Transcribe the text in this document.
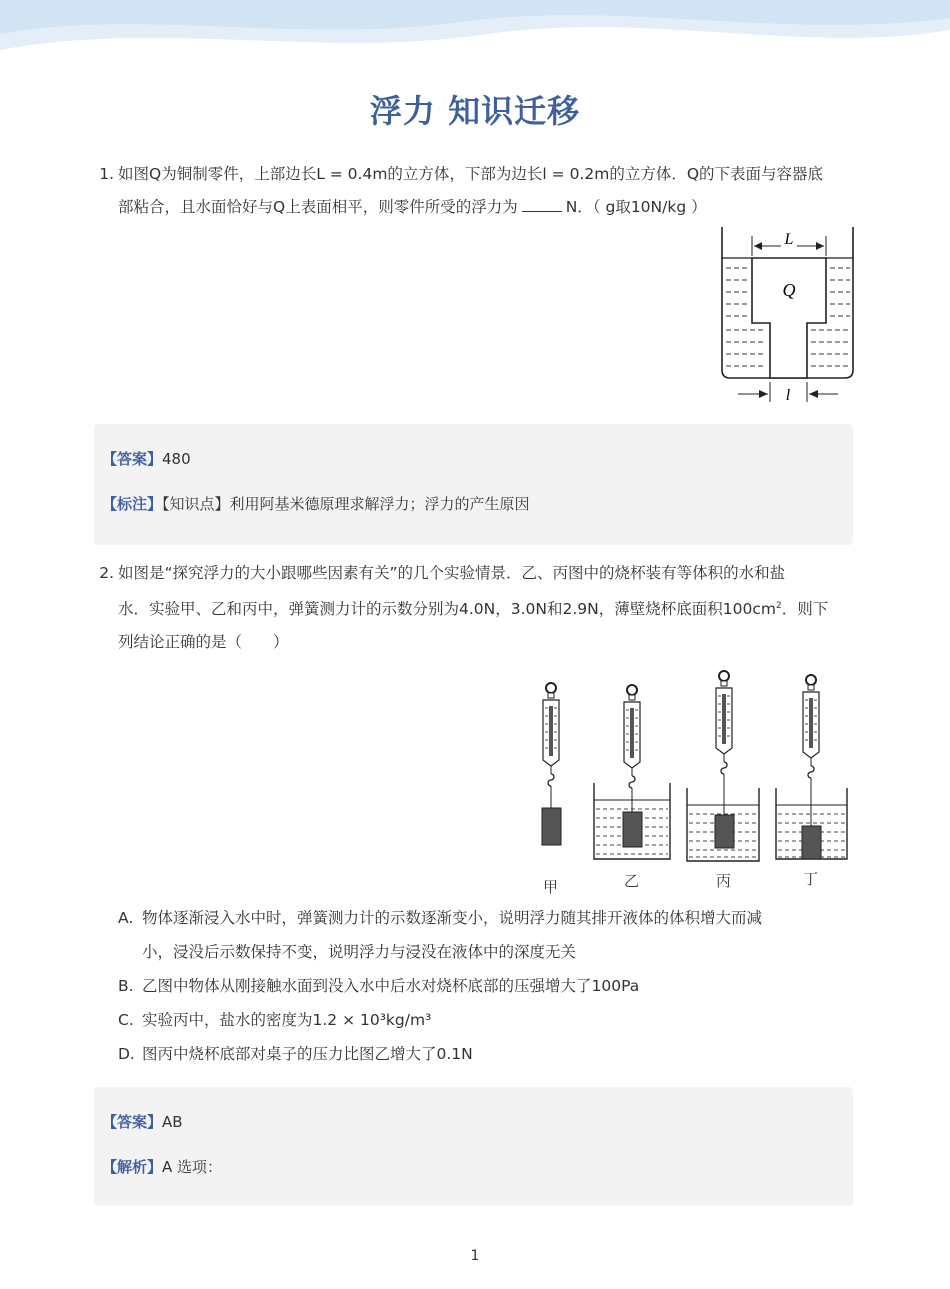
浮力 知识迁移
1. 如图Q为铜制零件，上部边长L = 0.4m的立方体，下部为边长l = 0.2m的立方体．Q的下表面与容器底
部粘合，且水面恰好与Q上表面相平，则零件所受的浮力为	N．（ g取10N/kg ）
L
Q
l
【答案】480
【标注】【知识点】利用阿基米德原理求解浮力；浮力的产生原因
2. 如图是“探究浮力的大小跟哪些因素有关”的几个实验情景．乙、丙图中的烧杯装有等体积的水和盐
水．实验甲、乙和丙中，弹簧测力计的示数分别为4.0N，3.0N和2.9N，薄壁烧杯底面积$100cm^2$．则下
列结论正确的是（　　）
甲	乙	丙	丁
A. 物体逐渐浸入水中时，弹簧测力计的示数逐渐变小，说明浮力随其排开液体的体积增大而减
小，浸没后示数保持不变，说明浮力与浸没在液体中的深度无关
B. 乙图中物体从刚接触水面到没入水中后水对烧杯底部的压强增大了100Pa
C. 实验丙中，盐水的密度为1.2 × 10³kg/m³
D. 图丙中烧杯底部对桌子的压力比图乙增大了0.1N
【答案】AB
【解析】A 选项：
1
